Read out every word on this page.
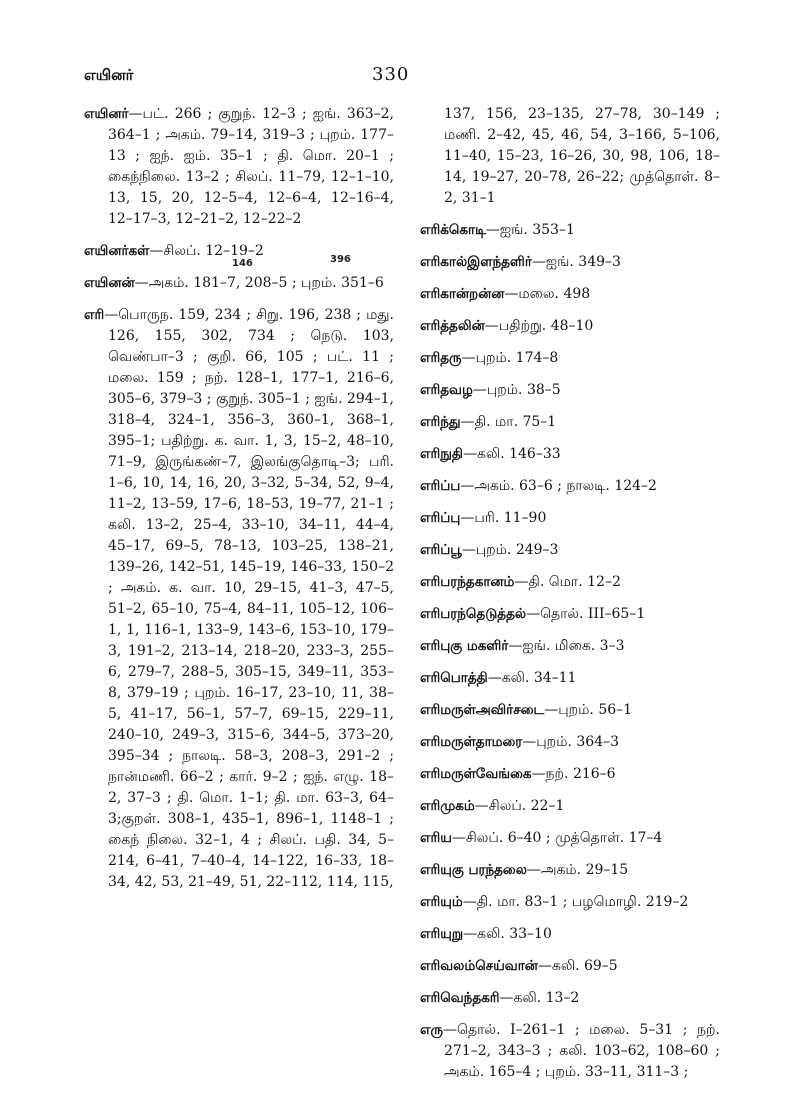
எயினர்	330
146	396

எயினர்—பட். 266 ; குறுந். 12–3 ; ஐங். 363–2, 364–1 ; அகம். 79–14, 319–3 ; புறம். 177–13 ; ஐந். ஐம். 35–1 ; தி. மொ. 20–1 ; கைந்நிலை. 13–2 ; சிலப். 11–79, 12–1–10, 13, 15, 20, 12–5–4, 12–6–4, 12–16–4, 12–17–3, 12–21–2, 12–22–2

எயினர்கள்—சிலப். 12–19–2

எயினன்—அகம். 181–7, 208–5 ; புறம். 351–6

எரி—பொருந. 159, 234 ; சிறு. 196, 238 ; மது. 126, 155, 302, 734 ; நெடு. 103, வெண்பா–3 ; குறி. 66, 105 ; பட். 11 ; மலை. 159 ; நற். 128–1, 177–1, 216–6, 305–6, 379–3 ; குறுந். 305–1 ; ஐங். 294–1, 318–4, 324–1, 356–3, 360–1, 368–1, 395–1; பதிற்று. க. வா. 1, 3, 15–2, 48–10, 71–9, இருங்கண்–7, இலங்குதொடி–3; பரி. 1–6, 10, 14, 16, 20, 3–32, 5–34, 52, 9–4, 11–2, 13–59, 17–6, 18–53, 19–77, 21–1 ; கலி. 13–2, 25–4, 33–10, 34–11, 44–4, 45–17, 69–5, 78–13, 103–25, 138–21, 139–26, 142–51, 145–19, 146–33, 150–2 ; அகம். க. வா. 10, 29–15, 41–3, 47–5, 51–2, 65–10, 75–4, 84–11, 105–12, 106–1, 1, 116–1, 133–9, 143–6, 153–10, 179–3, 191–2, 213–14, 218–20, 233–3, 255–6, 279–7, 288–5, 305–15, 349–11, 353–8, 379–19 ; புறம். 16–17, 23–10, 11, 38–5, 41–17, 56–1, 57–7, 69–15, 229–11, 240–10, 249–3, 315–6, 344–5, 373–20, 395–34 ; நாலடி. 58–3, 208–3, 291–2 ; நான்மணி. 66–2 ; கார். 9–2 ; ஐந். எழு. 18–2, 37–3 ; தி. மொ. 1–1; தி. மா. 63–3, 64–3;குறள். 308–1, 435–1, 896–1, 1148–1 ; கைந் நிலை. 32–1, 4 ; சிலப். பதி. 34, 5–214, 6–41, 7–40–4, 14–122, 16–33, 18–34, 42, 53, 21–49, 51, 22–112, 114, 115,

137, 156, 23–135, 27–78, 30–149 ; மணி. 2–42, 45, 46, 54, 3–166, 5–106, 11–40, 15–23, 16–26, 30, 98, 106, 18–14, 19–27, 20–78, 26–22; முத்தொள். 8–2, 31–1

எரிக்கொடி—ஐங். 353–1

எரிகால்இளந்தளிர்—ஐங். 349–3

எரிகான்றன்ன—மலை. 498

எரித்தலின்—பதிற்று. 48–10

எரிதரு—புறம். 174–8

எரிதவழ—புறம். 38–5

எரிந்து—தி. மா. 75–1

எரிநுதி—கலி. 146–33

எரிப்ப—அகம். 63–6 ; நாலடி. 124–2

எரிப்பு—பரி. 11–90

எரிப்பூ—புறம். 249–3

எரிபரந்தகானம்—தி. மொ. 12–2

எரிபரந்தெடுத்தல்—தொல். III–65–1

எரிபுகு மகளிர்—ஐங். மிகை. 3–3

எரிபொத்தி—கலி. 34–11

எரிமருள்அவிர்சடை—புறம். 56–1

எரிமருள்தாமரை—புறம். 364–3

எரிமருள்வேங்கை—நற். 216–6

எரிமுகம்—சிலப். 22–1

எரிய—சிலப். 6–40 ; முத்தொள். 17–4

எரியுகு பரந்தலை—அகம். 29–15

எரியும்—தி. மா. 83–1 ; பழமொழி. 219–2

எரியுறு—கலி. 33–10

எரிவலம்செய்வான்—கலி. 69–5

எரிவெந்தகரி—கலி. 13–2

எரு—தொல். I–261–1 ; மலை. 5–31 ; நற். 271–2, 343–3 ; கலி. 103–62, 108–60 ; அகம். 165–4 ; புறம். 33–11, 311–3 ;
